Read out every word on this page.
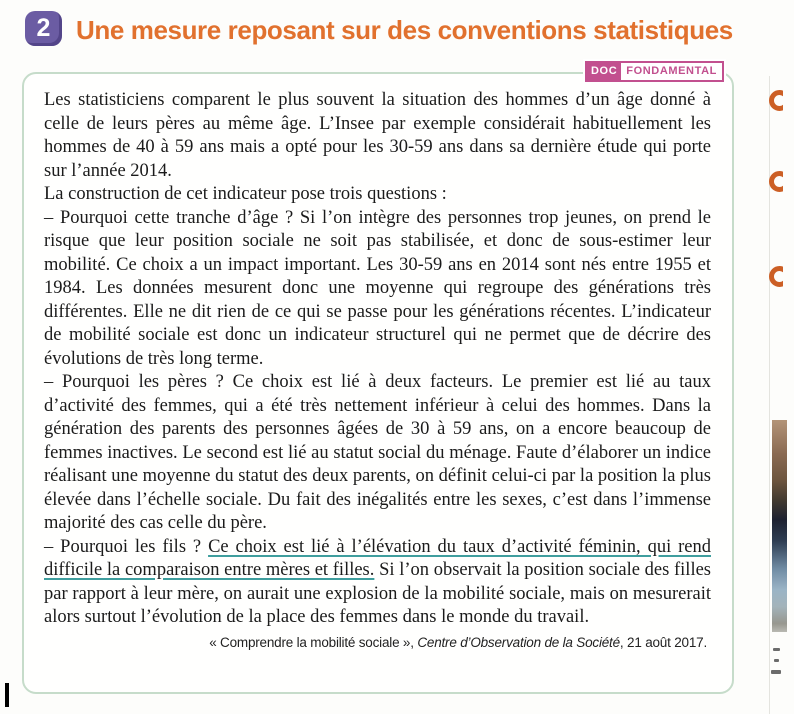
2 Une mesure reposant sur des conventions statistiques
DOC FONDAMENTAL

Les statisticiens comparent le plus souvent la situation des hommes d’un âge donné à celle de leurs pères au même âge. L’Insee par exemple considérait habituellement les hommes de 40 à 59 ans mais a opté pour les 30-59 ans dans sa dernière étude qui porte sur l’année 2014.

La construction de cet indicateur pose trois questions :

– Pourquoi cette tranche d’âge ? Si l’on intègre des personnes trop jeunes, on prend le risque que leur position sociale ne soit pas stabilisée, et donc de sous-estimer leur mobilité. Ce choix a un impact important. Les 30-59 ans en 2014 sont nés entre 1955 et 1984. Les données mesurent donc une moyenne qui regroupe des générations très différentes. Elle ne dit rien de ce qui se passe pour les générations récentes. L’indicateur de mobilité sociale est donc un indicateur structurel qui ne permet que de décrire des évolutions de très long terme.

– Pourquoi les pères ? Ce choix est lié à deux facteurs. Le premier est lié au taux d’activité des femmes, qui a été très nettement inférieur à celui des hommes. Dans la génération des parents des personnes âgées de 30 à 59 ans, on a encore beaucoup de femmes inactives. Le second est lié au statut social du ménage. Faute d’élaborer un indice réalisant une moyenne du statut des deux parents, on définit celui-ci par la position la plus élevée dans l’échelle sociale. Du fait des inégalités entre les sexes, c’est dans l’immense majorité des cas celle du père.

– Pourquoi les fils ? Ce choix est lié à l’élévation du taux d’activité féminin, qui rend difficile la comparaison entre mères et filles. Si l’on observait la position sociale des filles par rapport à leur mère, on aurait une explosion de la mobilité sociale, mais on mesurerait alors surtout l’évolution de la place des femmes dans le monde du travail.

« Comprendre la mobilité sociale », Centre d’Observation de la Société, 21 août 2017.
